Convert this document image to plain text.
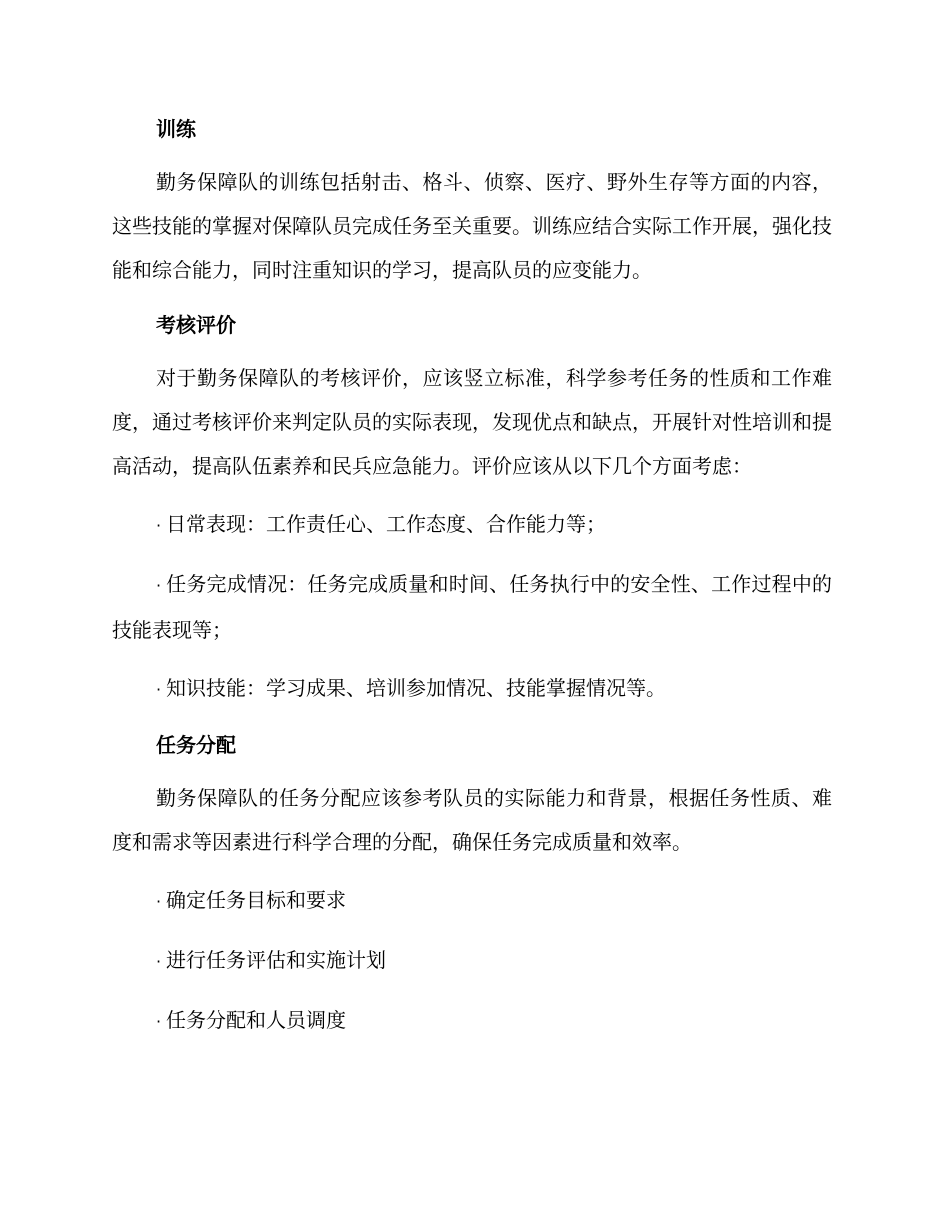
训练

勤务保障队的训练包括射击、格斗、侦察、医疗、野外生存等方面的内容，这些技能的掌握对保障队员完成任务至关重要。训练应结合实际工作开展，强化技能和综合能力，同时注重知识的学习，提高队员的应变能力。

考核评价

对于勤务保障队的考核评价，应该竖立标准，科学参考任务的性质和工作难度，通过考核评价来判定队员的实际表现，发现优点和缺点，开展针对性培训和提高活动，提高队伍素养和民兵应急能力。评价应该从以下几个方面考虑：

· 日常表现：工作责任心、工作态度、合作能力等；

· 任务完成情况：任务完成质量和时间、任务执行中的安全性、工作过程中的技能表现等；

· 知识技能：学习成果、培训参加情况、技能掌握情况等。

任务分配

勤务保障队的任务分配应该参考队员的实际能力和背景，根据任务性质、难度和需求等因素进行科学合理的分配，确保任务完成质量和效率。

· 确定任务目标和要求

· 进行任务评估和实施计划

· 任务分配和人员调度
